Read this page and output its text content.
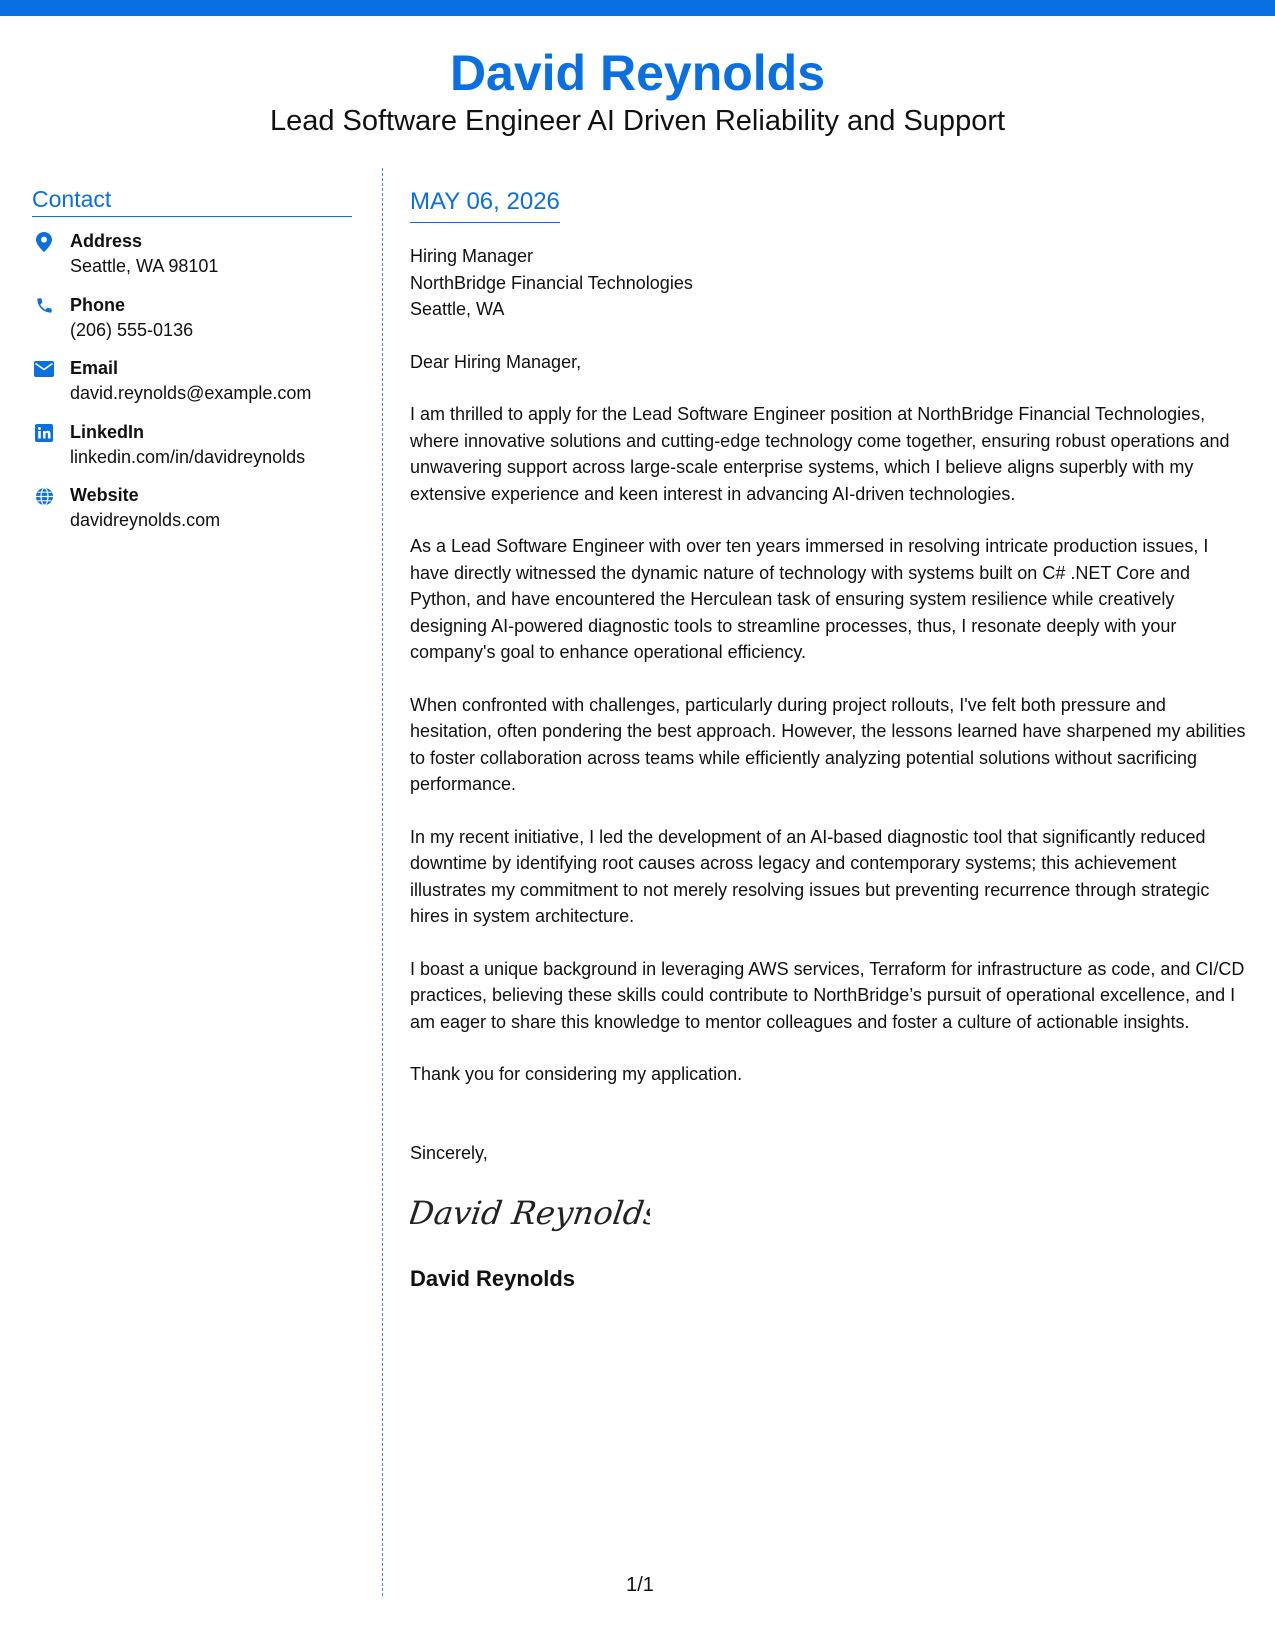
David Reynolds
Lead Software Engineer AI Driven Reliability and Support
Contact
Address
Seattle, WA 98101
Phone
(206) 555-0136
Email
david.reynolds@example.com
LinkedIn
linkedin.com/in/davidreynolds
Website
davidreynolds.com
MAY 06, 2026
Hiring Manager
NorthBridge Financial Technologies
Seattle, WA
Dear Hiring Manager,
I am thrilled to apply for the Lead Software Engineer position at NorthBridge Financial Technologies, where innovative solutions and cutting-edge technology come together, ensuring robust operations and unwavering support across large-scale enterprise systems, which I believe aligns superbly with my extensive experience and keen interest in advancing AI-driven technologies.
As a Lead Software Engineer with over ten years immersed in resolving intricate production issues, I have directly witnessed the dynamic nature of technology with systems built on C# .NET Core and Python, and have encountered the Herculean task of ensuring system resilience while creatively designing AI-powered diagnostic tools to streamline processes, thus, I resonate deeply with your company's goal to enhance operational efficiency.
When confronted with challenges, particularly during project rollouts, I've felt both pressure and hesitation, often pondering the best approach. However, the lessons learned have sharpened my abilities to foster collaboration across teams while efficiently analyzing potential solutions without sacrificing performance.
In my recent initiative, I led the development of an AI-based diagnostic tool that significantly reduced downtime by identifying root causes across legacy and contemporary systems; this achievement illustrates my commitment to not merely resolving issues but preventing recurrence through strategic hires in system architecture.
I boast a unique background in leveraging AWS services, Terraform for infrastructure as code, and CI/CD practices, believing these skills could contribute to NorthBridge’s pursuit of operational excellence, and I am eager to share this knowledge to mentor colleagues and foster a culture of actionable insights.
Thank you for considering my application.
Sincerely,
David Reynolds
David Reynolds
1/1
